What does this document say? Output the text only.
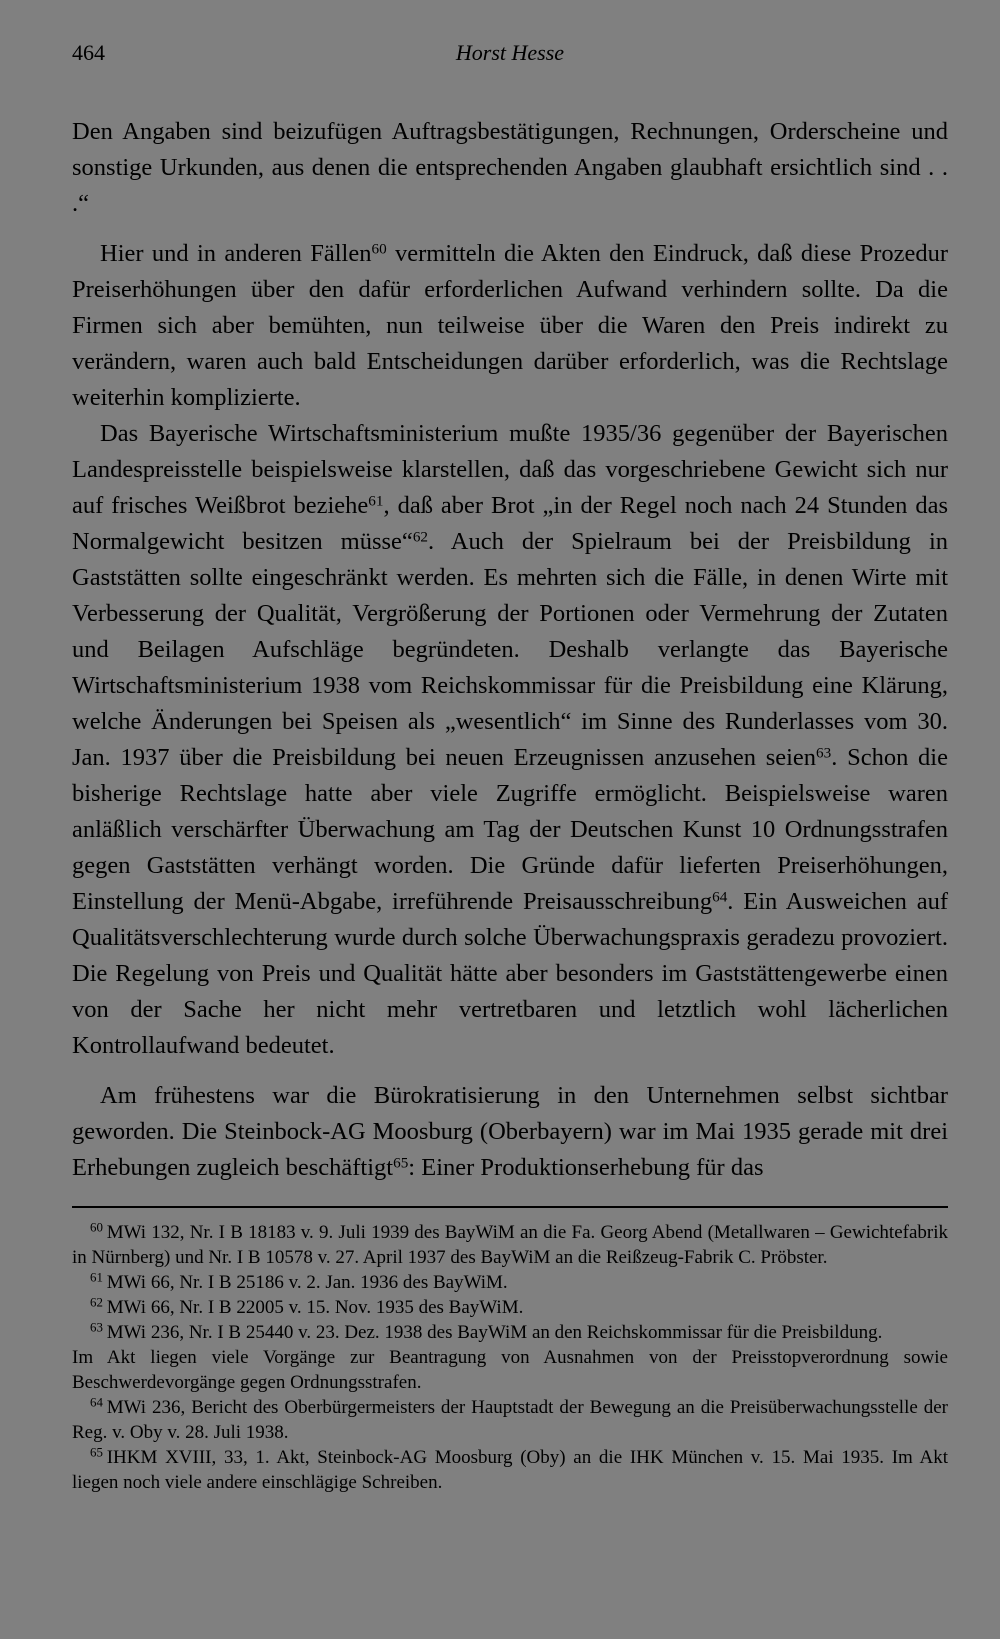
464	Horst Hesse

Den Angaben sind beizufügen Auftragsbestätigungen, Rechnungen, Orderscheine und sonstige Urkunden, aus denen die entsprechenden Angaben glaubhaft ersichtlich sind . . .“

Hier und in anderen Fällen$^{60}$ vermitteln die Akten den Eindruck, daß diese Prozedur Preiserhöhungen über den dafür erforderlichen Aufwand verhindern sollte. Da die Firmen sich aber bemühten, nun teilweise über die Waren den Preis indirekt zu verändern, waren auch bald Entscheidungen darüber erforderlich, was die Rechtslage weiterhin komplizierte.

Das Bayerische Wirtschaftsministerium mußte 1935/36 gegenüber der Bayerischen Landespreisstelle beispielsweise klarstellen, daß das vorgeschriebene Gewicht sich nur auf frisches Weißbrot beziehe$^{61}$, daß aber Brot „in der Regel noch nach 24 Stunden das Normalgewicht besitzen müsse“$^{62}$. Auch der Spielraum bei der Preisbildung in Gaststätten sollte eingeschränkt werden. Es mehrten sich die Fälle, in denen Wirte mit Verbesserung der Qualität, Vergrößerung der Portionen oder Vermehrung der Zutaten und Beilagen Aufschläge begründeten. Deshalb verlangte das Bayerische Wirtschaftsministerium 1938 vom Reichskommissar für die Preisbildung eine Klärung, welche Änderungen bei Speisen als „wesentlich“ im Sinne des Runderlasses vom 30. Jan. 1937 über die Preisbildung bei neuen Erzeugnissen anzusehen seien$^{63}$. Schon die bisherige Rechtslage hatte aber viele Zugriffe ermöglicht. Beispielsweise waren anläßlich verschärfter Überwachung am Tag der Deutschen Kunst 10 Ordnungsstrafen gegen Gaststätten verhängt worden. Die Gründe dafür lieferten Preiserhöhungen, Einstellung der Menü-Abgabe, irreführende Preisausschreibung$^{64}$. Ein Ausweichen auf Qualitätsverschlechterung wurde durch solche Überwachungspraxis geradezu provoziert. Die Regelung von Preis und Qualität hätte aber besonders im Gaststättengewerbe einen von der Sache her nicht mehr vertretbaren und letztlich wohl lächerlichen Kontrollaufwand bedeutet.

Am frühestens war die Bürokratisierung in den Unternehmen selbst sichtbar geworden. Die Steinbock-AG Moosburg (Oberbayern) war im Mai 1935 gerade mit drei Erhebungen zugleich beschäftigt$^{65}$: Einer Produktionserhebung für das

$^{60}$  MWi 132, Nr. I B 18183 v. 9. Juli 1939 des BayWiM an die Fa. Georg Abend (Metallwaren – Gewichtefabrik in Nürnberg) und Nr. I B 10578 v. 27. April 1937 des BayWiM an die Reißzeug-Fabrik C. Pröbster.

$^{61}$  MWi 66, Nr. I B 25186 v. 2. Jan. 1936 des BayWiM.

$^{62}$  MWi 66, Nr. I B 22005 v. 15. Nov. 1935 des BayWiM.

$^{63}$  MWi 236, Nr. I B 25440 v. 23. Dez. 1938 des BayWiM an den Reichskommissar für die Preisbildung.

Im Akt liegen viele Vorgänge zur Beantragung von Ausnahmen von der Preisstopverordnung sowie Beschwerdevorgänge gegen Ordnungsstrafen.

$^{64}$  MWi 236, Bericht des Oberbürgermeisters der Hauptstadt der Bewegung an die Preisüberwachungsstelle der Reg. v. Oby v. 28. Juli 1938.

$^{65}$  IHKM XVIII, 33, 1. Akt, Steinbock-AG Moosburg (Oby) an die IHK München v. 15. Mai 1935. Im Akt liegen noch viele andere einschlägige Schreiben.
